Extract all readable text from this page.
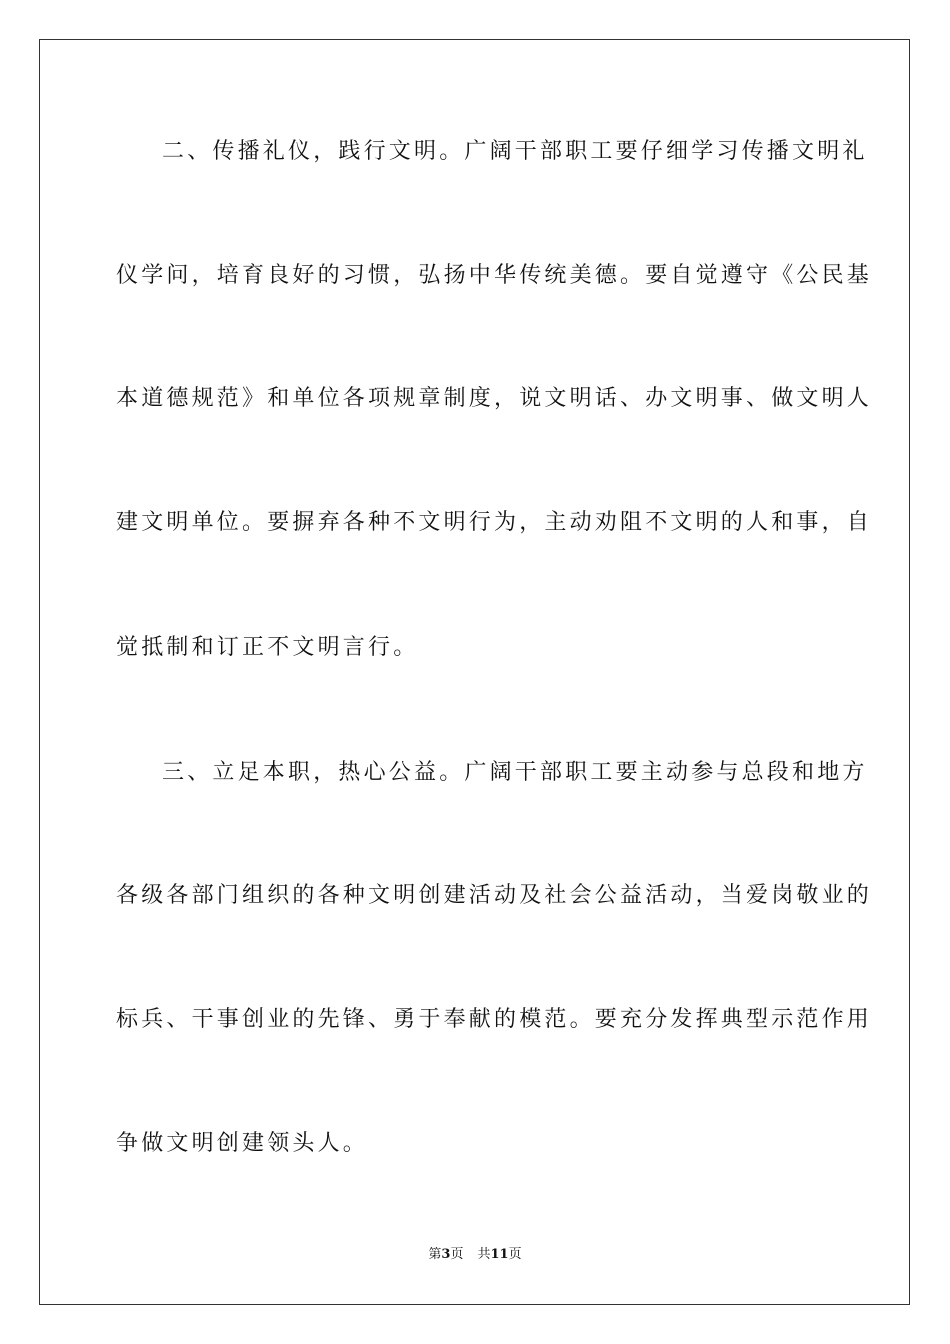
二、传播礼仪，践行文明。广阔干部职工要仔细学习传播文明礼
仪学问，培育良好的习惯，弘扬中华传统美德。要自觉遵守《公民基
本道德规范》和单位各项规章制度，说文明话、办文明事、做文明人
建文明单位。要摒弃各种不文明行为，主动劝阻不文明的人和事，自
觉抵制和订正不文明言行。
三、立足本职，热心公益。广阔干部职工要主动参与总段和地方
各级各部门组织的各种文明创建活动及社会公益活动，当爱岗敬业的
标兵、干事创业的先锋、勇于奉献的模范。要充分发挥典型示范作用
争做文明创建领头人。
第3页 共11页
